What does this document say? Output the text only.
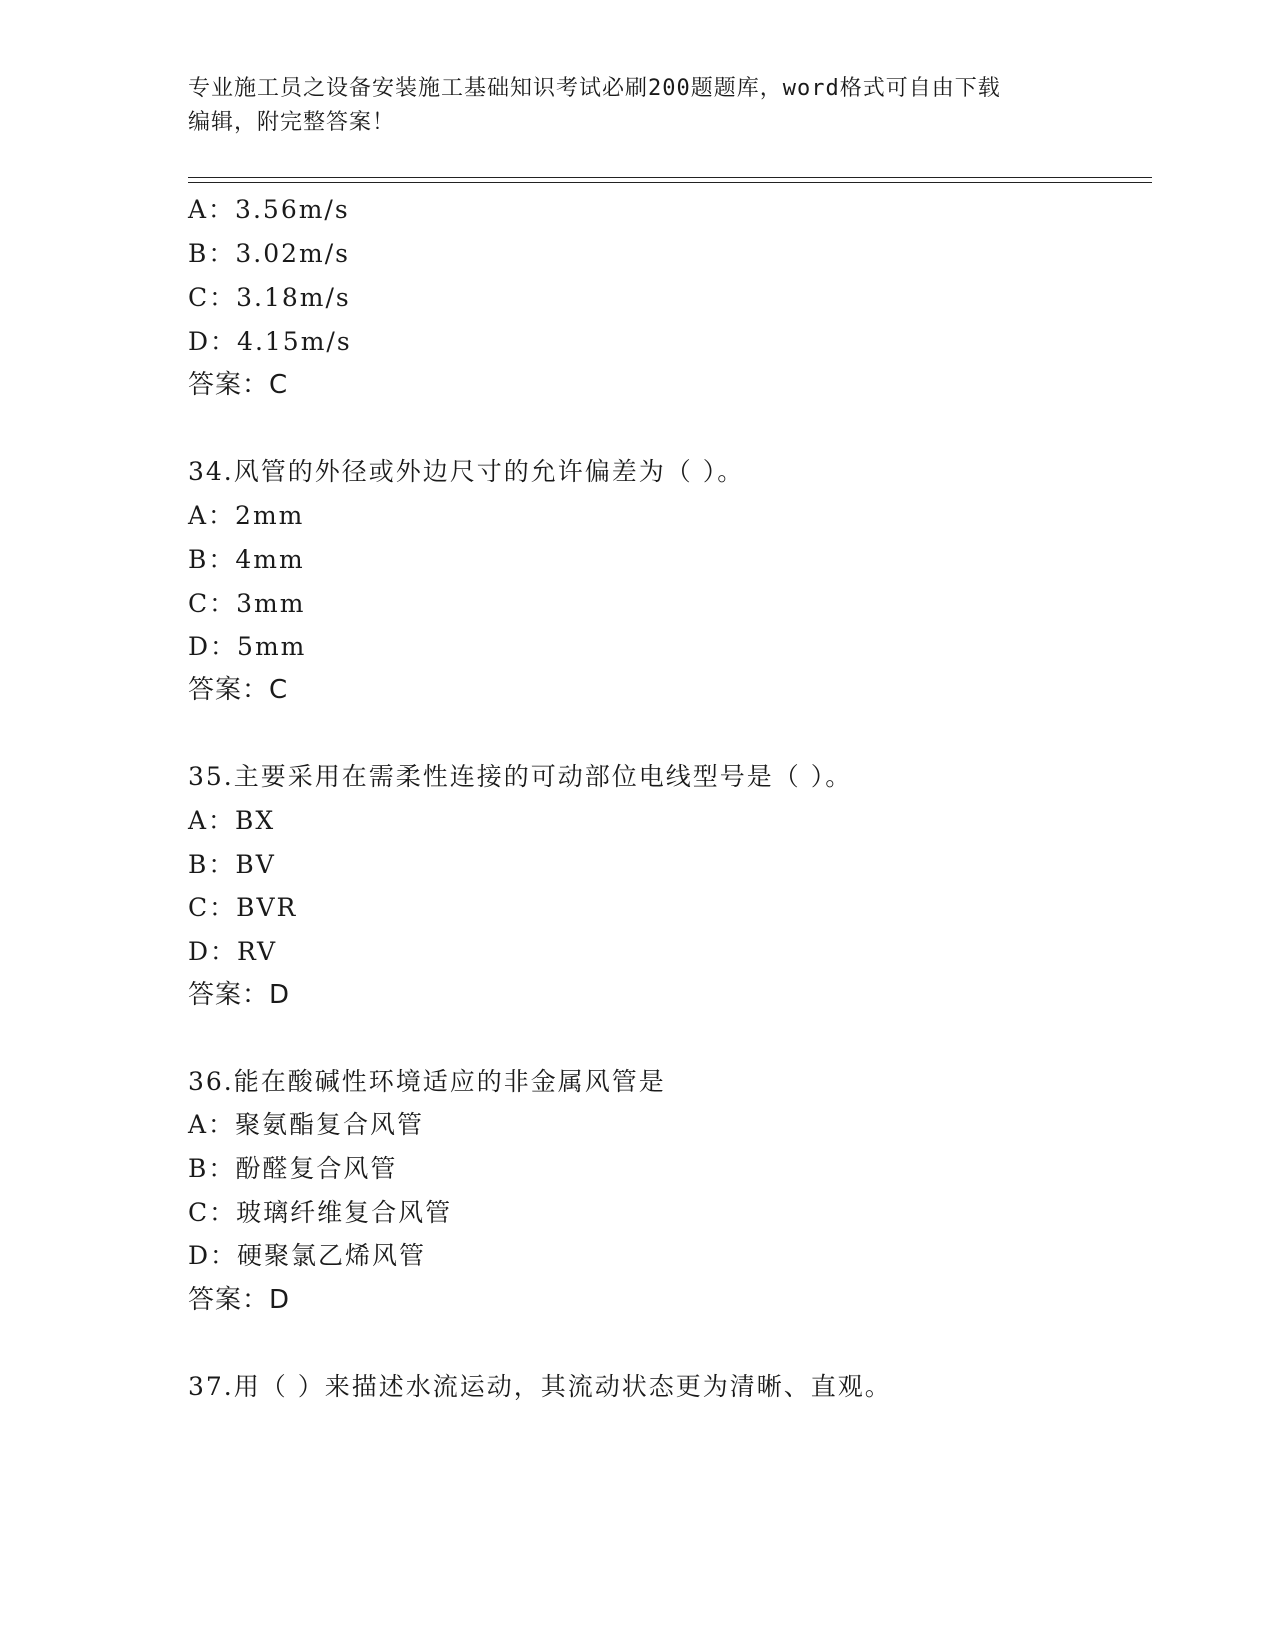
专业施工员之设备安装施工基础知识考试必刷200题题库，word格式可自由下载
编辑，附完整答案！
A：3.56m/s
B：3.02m/s
C：3.18m/s
D：4.15m/s
答案：C
34.风管的外径或外边尺寸的允许偏差为（ ）。
A：2mm
B：4mm
C：3mm
D：5mm
答案：C
35.主要采用在需柔性连接的可动部位电线型号是（ ）。
A：BX
B：BV
C：BVR
D：RV
答案：D
36.能在酸碱性环境适应的非金属风管是
A：聚氨酯复合风管
B：酚醛复合风管
C：玻璃纤维复合风管
D：硬聚氯乙烯风管
答案：D
37.用（ ）来描述水流运动，其流动状态更为清晰、直观。
